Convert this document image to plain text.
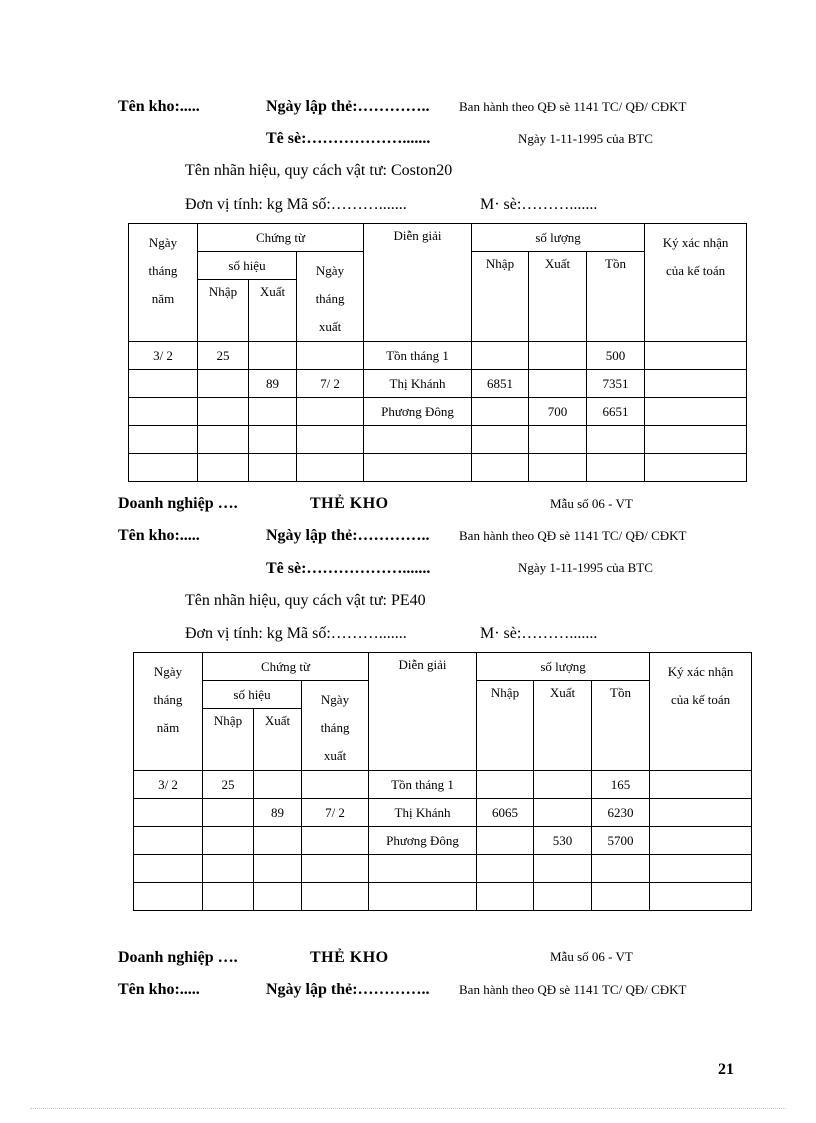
Tên kho:.....	Ngày lập thẻ:………….. Ban hành theo QĐ sè 1141 TC/ QĐ/ CĐKT
Tê sè:……………….......	Ngày 1-11-1995 của BTC
Tên nhãn hiệu, quy cách vật tư: Coston20
Đơn vị tính: kg Mã số:……….......	M· sè:……….......
Ngày
tháng
năm	Chứng từ			Diễn giải	số lượng			Ký xác nhận
của kế toán
	số hiệu		Ngày
tháng
xuất		Nhập	Xuất	Tồn	
	Nhập	Xuất						

3/ 2	25			Tồn tháng 1			500	
		89	7/ 2	Thị Khánh	6851		7351	
				Phương Đông		700	6651	

Doanh nghiệp ….	THẺ KHO	Mẫu số 06 - VT
Tên kho:.....	Ngày lập thẻ:………….. Ban hành theo QĐ sè 1141 TC/ QĐ/ CĐKT
Tê sè:……………….......	Ngày 1-11-1995 của BTC
Tên nhãn hiệu, quy cách vật tư: PE40
Đơn vị tính: kg Mã số:……….......	M· sè:……….......
Ngày
tháng
năm	Chứng từ			Diễn giải	số lượng			Ký xác nhận
của kế toán
	số hiệu		Ngày
tháng
xuất		Nhập	Xuất	Tồn	
	Nhập	Xuất						

3/ 2	25			Tồn tháng 1			165	
		89	7/ 2	Thị Khánh	6065		6230	
				Phương Đông		530	5700	

Doanh nghiệp ….	THẺ KHO	Mẫu số 06 - VT
Tên kho:.....	Ngày lập thẻ:………….. Ban hành theo QĐ sè 1141 TC/ QĐ/ CĐKT
21
